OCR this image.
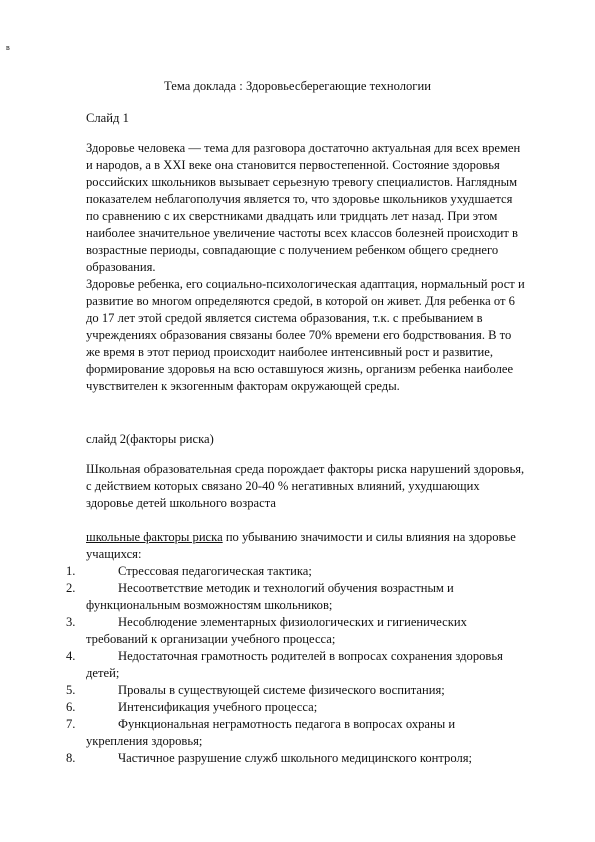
в
Тема доклада : Здоровьесберегающие технологии
Слайд 1

Здоровье человека — тема для разговора достаточно актуальная для всех времен и народов, а в XXI веке она становится первостепенной. Состояние здоровья российских школьников вызывает серьезную тревогу специалистов. Наглядным показателем неблагополучия является то, что здоровье школьников ухудшается по сравнению с их сверстниками двадцать или тридцать лет назад. При этом наиболее значительное увеличение частоты всех классов болезней происходит в возрастные периоды, совпадающие с получением ребенком общего среднего образования.

Здоровье ребенка, его социально-психологическая адаптация, нормальный рост и развитие во многом определяются средой, в которой он живет. Для ребенка от 6 до 17 лет этой средой является система образования, т.к. с пребыванием в учреждениях образования связаны более 70% времени его бодрствования. В то же время в этот период происходит наиболее интенсивный рост и развитие, формирование здоровья на всю оставшуюся жизнь, организм ребенка наиболее чувствителен к экзогенным факторам окружающей среды.

слайд 2(факторы риска)
Школьная образовательная среда порождает факторы риска нарушений здоровья, с действием которых связано 20-40 % негативных влияний, ухудшающих здоровье детей школьного возраста
школьные факторы риска по убыванию значимости и силы влияния на здоровье учащихся:
1.	Стрессовая педагогическая тактика;
2.	Несоответствие методик и технологий обучения возрастным и функциональным возможностям школьников;
3.	Несоблюдение элементарных физиологических и гигиенических требований к организации учебного процесса;
4.	Недостаточная грамотность родителей в вопросах сохранения здоровья детей;
5.	Провалы в существующей системе физического воспитания;
6.	Интенсификация учебного процесса;
7.	Функциональная неграмотность педагога в вопросах охраны и укрепления здоровья;
8.	Частичное разрушение служб школьного медицинского контроля;
